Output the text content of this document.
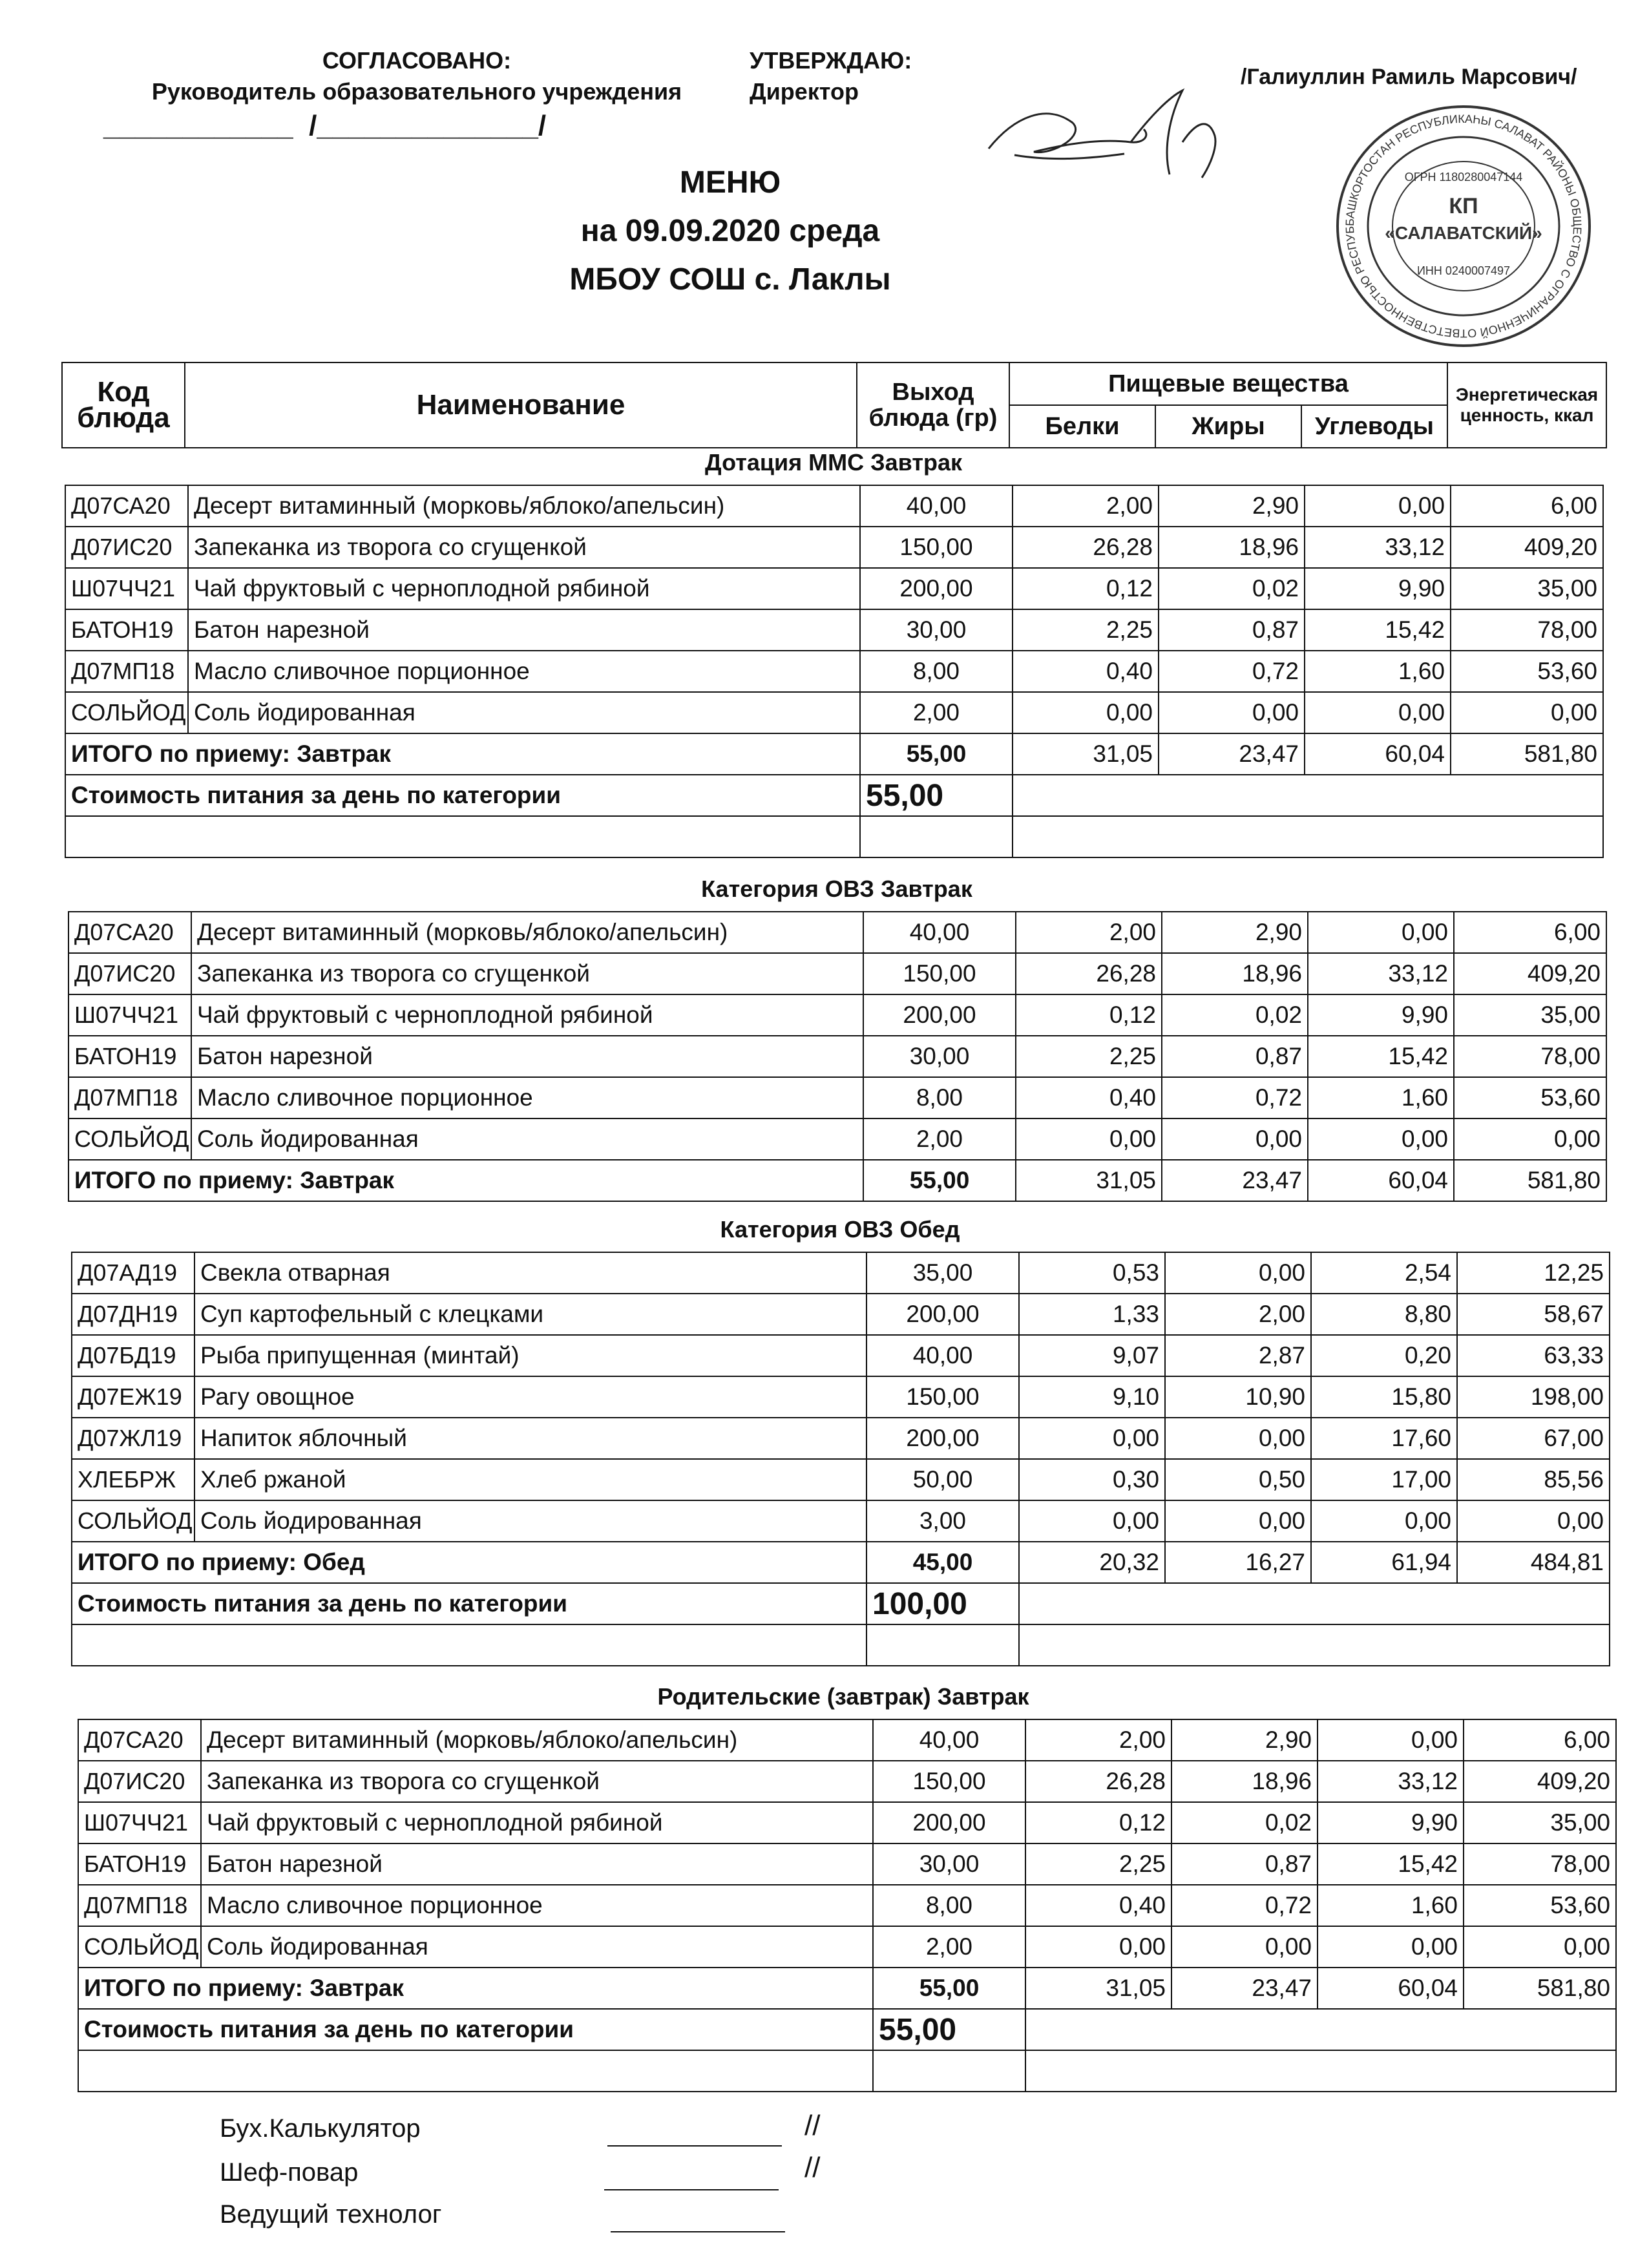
СОГЛАСОВАНО:
Руководитель образовательного учреждения
УТВЕРЖДАЮ:
Директор
/Галиуллин Рамиль Марсович/
____________  /______________/
БАШКОРТОСТАН РЕСПУБЛИКАҺЫ САЛАВАТ РАЙОНЫ ОБЩЕСТВО С ОГРАНИЧЕННОЙ ОТВЕТСТВЕННОСТЬЮ РЕСПУБ
КП
«САЛАВАТСКИЙ»
ОГРН 1180280047144
ИНН 0240007497
МЕНЮ
на 09.09.2020 среда
МБОУ СОШ с. Лаклы
Код блюда	Наименование	Выход блюда (гр)	Пищевые вещества			Энергетическая ценность, ккал
			Белки	Жиры	Углеводы	
Дотация ММС Завтрак
Д07СА20	Десерт витаминный (морковь/яблоко/апельсин)	40,00	2,00	2,90	0,00	6,00
Д07ИС20	Запеканка из творога со сгущенкой	150,00	26,28	18,96	33,12	409,20
Ш07ЧЧ21	Чай фруктовый с черноплодной рябиной	200,00	0,12	0,02	9,90	35,00
БАТОН19	Батон нарезной	30,00	2,25	0,87	15,42	78,00
Д07МП18	Масло сливочное порционное	8,00	0,40	0,72	1,60	53,60
СОЛЬЙОД	Соль йодированная	2,00	0,00	0,00	0,00	0,00
ИТОГО по приему: Завтрак		55,00	31,05	23,47	60,04	581,80
Стоимость питания за день по категории		55,00				

Категория ОВЗ Завтрак
Д07СА20	Десерт витаминный (морковь/яблоко/апельсин)	40,00	2,00	2,90	0,00	6,00
Д07ИС20	Запеканка из творога со сгущенкой	150,00	26,28	18,96	33,12	409,20
Ш07ЧЧ21	Чай фруктовый с черноплодной рябиной	200,00	0,12	0,02	9,90	35,00
БАТОН19	Батон нарезной	30,00	2,25	0,87	15,42	78,00
Д07МП18	Масло сливочное порционное	8,00	0,40	0,72	1,60	53,60
СОЛЬЙОД	Соль йодированная	2,00	0,00	0,00	0,00	0,00
ИТОГО по приему: Завтрак		55,00	31,05	23,47	60,04	581,80
Категория ОВЗ Обед
Д07АД19	Свекла отварная	35,00	0,53	0,00	2,54	12,25
Д07ДН19	Суп картофельный с клецками	200,00	1,33	2,00	8,80	58,67
Д07БД19	Рыба припущенная (минтай)	40,00	9,07	2,87	0,20	63,33
Д07ЕЖ19	Рагу овощное	150,00	9,10	10,90	15,80	198,00
Д07ЖЛ19	Напиток яблочный	200,00	0,00	0,00	17,60	67,00
ХЛЕБРЖ	Хлеб ржаной	50,00	0,30	0,50	17,00	85,56
СОЛЬЙОД	Соль йодированная	3,00	0,00	0,00	0,00	0,00
ИТОГО по приему: Обед		45,00	20,32	16,27	61,94	484,81
Стоимость питания за день по категории		100,00				

Родительские (завтрак) Завтрак
Д07СА20	Десерт витаминный (морковь/яблоко/апельсин)	40,00	2,00	2,90	0,00	6,00
Д07ИС20	Запеканка из творога со сгущенкой	150,00	26,28	18,96	33,12	409,20
Ш07ЧЧ21	Чай фруктовый с черноплодной рябиной	200,00	0,12	0,02	9,90	35,00
БАТОН19	Батон нарезной	30,00	2,25	0,87	15,42	78,00
Д07МП18	Масло сливочное порционное	8,00	0,40	0,72	1,60	53,60
СОЛЬЙОД	Соль йодированная	2,00	0,00	0,00	0,00	0,00
ИТОГО по приему: Завтрак		55,00	31,05	23,47	60,04	581,80
Стоимость питания за день по категории		55,00				

Бух.Калькулятор	//
Шеф-повар	//
Ведущий технолог
